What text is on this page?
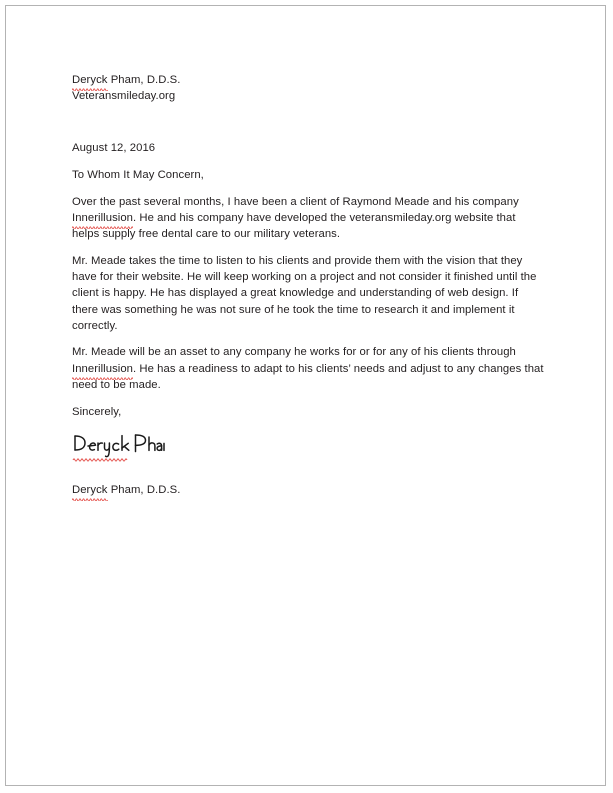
Deryck
Pham, D.D.S.
Veteransmileday.org

August 12, 2016

To Whom It May Concern,

Over the past several months, I have been a client of Raymond Meade and his company Innerillusion
. He and his company have developed the veteransmileday.org website that helps supply free dental care to our military veterans.

Mr. Meade takes the time to listen to his clients and provide them with the vision that they have for their website. He will keep working on a project and not consider it finished until the client is happy. He has displayed a great knowledge and understanding of web design. If there was something he was not sure of he took the time to research it and implement it correctly.

Mr. Meade will be an asset to any company he works for or for any of his clients through Innerillusion
. He has a readiness to adapt to his clients’ needs and adjust to any changes that need to be made.

Sincerely,

Deryck
Pham, D.D.S.
